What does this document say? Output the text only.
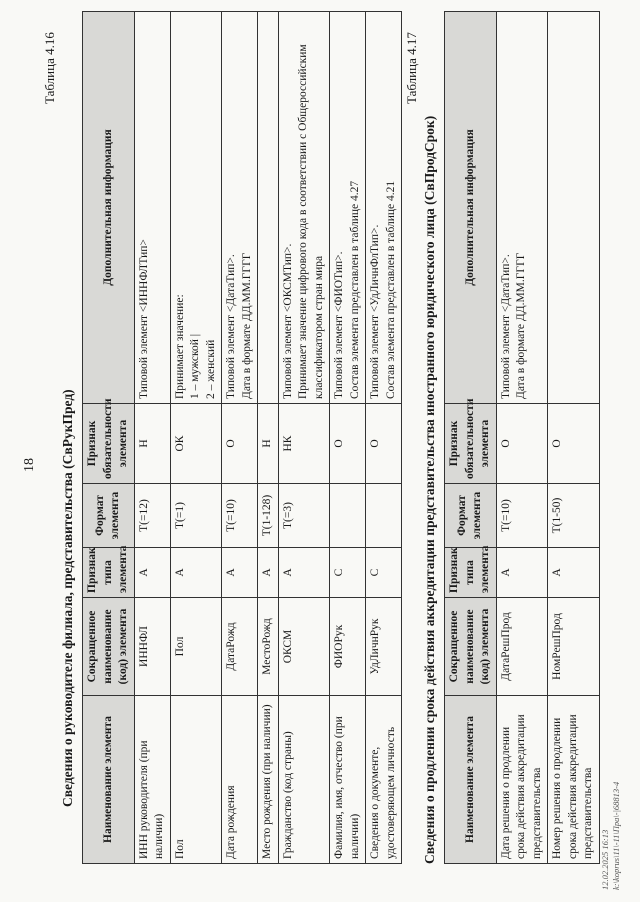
18
Таблица 4.16
Сведения о руководителе филиала, представительства (СвРукПред) Наименование элемента	Сокращенное наименование (код) элемента	Признак типа элемента	Формат элемента	Признак обязательности элемента	Дополнительная информация
ИНН руководителя (при наличии)	ИННФЛ	А	Т(=12)	Н	Типовой элемент <ИННФЛТип>
Пол	Пол	А	Т(=1)	ОК	Принимает значение: 1 – мужской | 2 – женский
Дата рождения	ДатаРожд	А	Т(=10)	О	Типовой элемент <ДатаТип>. Дата в формате ДД.ММ.ГГГГ
Место рождения (при наличии)	МестоРожд	А	Т(1-128)	Н	
Гражданство (код страны)	ОКСМ	А	Т(=3)	НК	Типовой элемент <ОКСМТип>. Принимает значение цифрового кода в соответствии с Общероссийским классификатором стран мира
Фамилия, имя, отчество (при наличии)	ФИОРук	С		О	Типовой элемент <ФИОТип>. Состав элемента представлен в таблице 4.27
Сведения о документе, удостоверяющем личность	УдЛичнРук	С		О	Типовой элемент <УдЛичнФлТип>. Состав элемента представлен в таблице 4.21
Таблица 4.17
Сведения о продлении срока действия аккредитации представительства иностранного юридического лица (СвПродСрок) Наименование элемента	Сокращенное наименование (код) элемента	Признак типа элемента	Формат элемента	Признак обязательности элемента	Дополнительная информация
Дата решения о продлении срока действия аккредитации представительства	ДатаРешПрод	А	Т(=10)	О	Типовой элемент <ДатаТип>. Дата в формате ДД.ММ.ГГГГ
Номер решения о продлении срока действия аккредитации представительства	НомРешПрод	А	Т(1-50)	О	
12.02.2025 16:13 k:\koprus\11\-11\Пpa\-|68813-4
